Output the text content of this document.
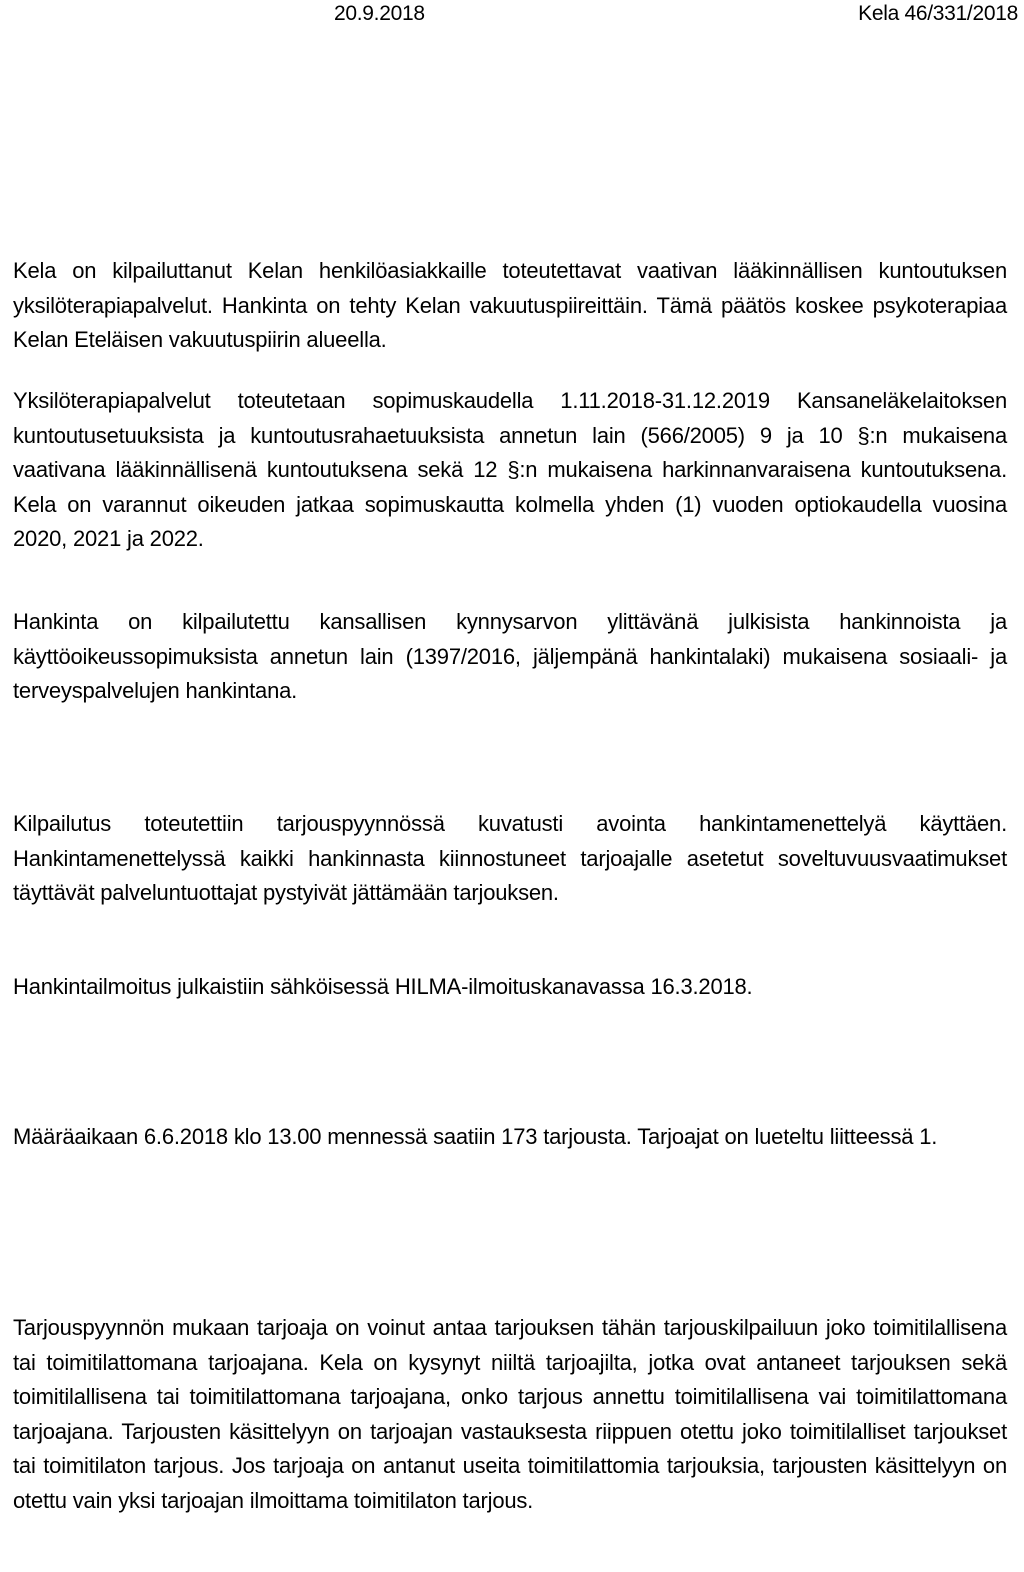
20.9.2018	Kela 46/331/2018

Kela on kilpailuttanut Kelan henkilöasiakkaille toteutettavat vaativan lääkinnällisen kuntoutuksen yksilöterapiapalvelut. Hankinta on tehty Kelan vakuutuspiireittäin. Tämä päätös koskee psykoterapiaa Kelan Eteläisen vakuutuspiirin alueella.

Yksilöterapiapalvelut toteutetaan sopimuskaudella 1.11.2018-31.12.2019 Kansaneläkelaitoksen kuntoutusetuuksista ja kuntoutusrahaetuuksista annetun lain (566/2005) 9 ja 10 §:n mukaisena vaativana lääkinnällisenä kuntoutuksena sekä 12 §:n mukaisena harkinnanvaraisena kuntoutuksena. Kela on varannut oikeuden jatkaa sopimuskautta kolmella yhden (1) vuoden optiokaudella vuosina 2020, 2021 ja 2022.

Hankinta on kilpailutettu kansallisen kynnysarvon ylittävänä julkisista hankinnoista ja käyttöoikeussopimuksista annetun lain (1397/2016, jäljempänä hankintalaki) mukaisena sosiaali- ja terveyspalvelujen hankintana.

Kilpailutus toteutettiin tarjouspyynnössä kuvatusti avointa hankintamenettelyä käyttäen. Hankintamenettelyssä kaikki hankinnasta kiinnostuneet tarjoajalle asetetut soveltuvuusvaatimukset täyttävät palveluntuottajat pystyivät jättämään tarjouksen.

Hankintailmoitus julkaistiin sähköisessä HILMA-ilmoituskanavassa 16.3.2018.

Määräaikaan 6.6.2018 klo 13.00 mennessä saatiin 173 tarjousta. Tarjoajat on lueteltu liitteessä 1.

Tarjouspyynnön mukaan tarjoaja on voinut antaa tarjouksen tähän tarjouskilpailuun joko toimitilallisena tai toimitilattomana tarjoajana. Kela on kysynyt niiltä tarjoajilta, jotka ovat antaneet tarjouksen sekä toimitilallisena tai toimitilattomana tarjoajana, onko tarjous annettu toimitilallisena vai toimitilattomana tarjoajana. Tarjousten käsittelyyn on tarjoajan vastauksesta riippuen otettu joko toimitilalliset tarjoukset tai toimitilaton tarjous. Jos tarjoaja on antanut useita toimitilattomia tarjouksia, tarjousten käsittelyyn on otettu vain yksi tarjoajan ilmoittama toimitilaton tarjous.
